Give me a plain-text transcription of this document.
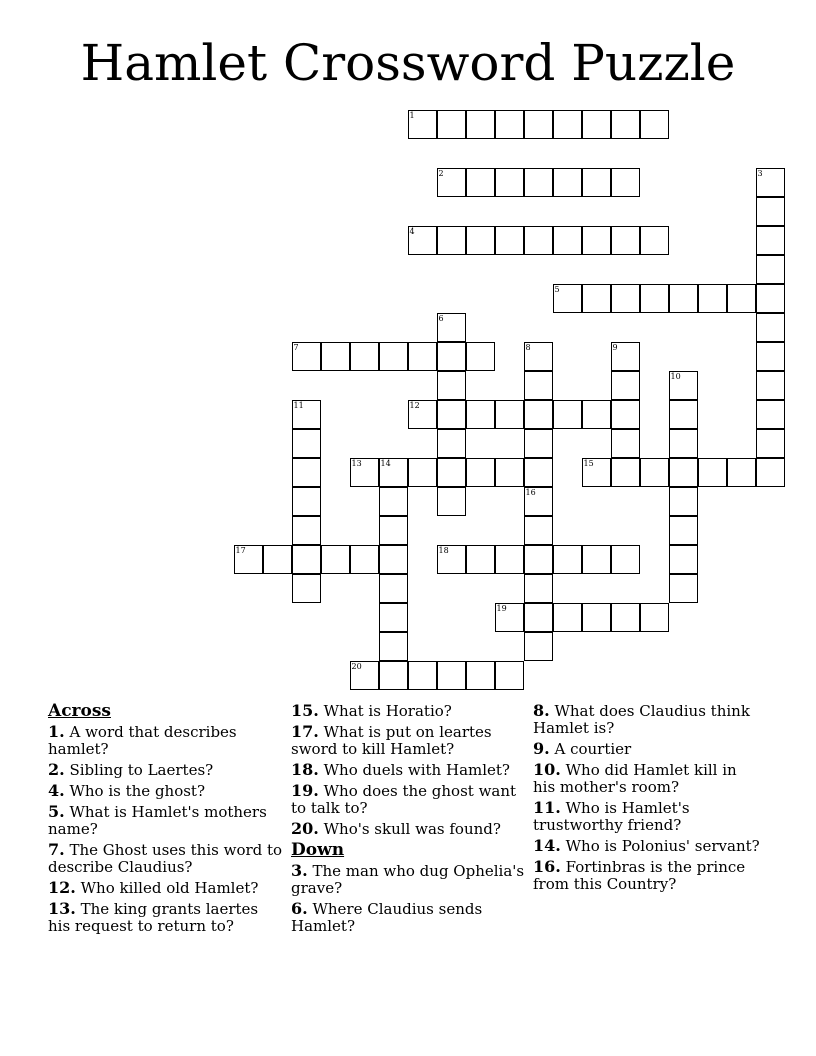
Hamlet Crossword Puzzle
1
2	3
4
5
6
7	8	9
10
11	12
13 14	15
16
17	18
19
20
Across
1. A word that describes hamlet?
2. Sibling to Laertes?
4. Who is the ghost?
5. What is Hamlet's mothers name?
7. The Ghost uses this word to describe Claudius?
12. Who killed old Hamlet?
13. The king grants laertes his request to return to?
15. What is Horatio?
17. What is put on leartes sword to kill Hamlet?
18. Who duels with Hamlet?
19. Who does the ghost want to talk to?
20. Who's skull was found?
Down
3. The man who dug Ophelia's grave?
6. Where Claudius sends Hamlet?
8. What does Claudius think Hamlet is?
9. A courtier
10. Who did Hamlet kill in his mother's room?
11. Who is Hamlet's trustworthy friend?
14. Who is Polonius' servant?
16. Fortinbras is the prince from this Country?
